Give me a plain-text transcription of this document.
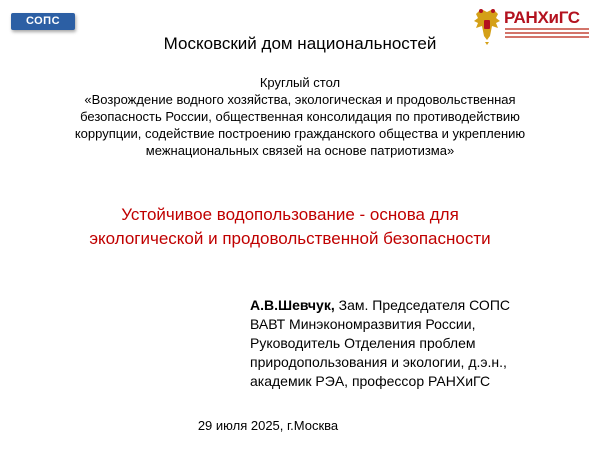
СОПС	РАНХиГС
Московский дом национальностей
Круглый стол
«Возрождение водного хозяйства, экологическая и продовольственная
безопасность России, общественная консолидация по противодействию
коррупции, содействие построению гражданского общества и укреплению
межнациональных связей на основе патриотизма»
Устойчивое водопользование - основа для
экологической и продовольственной безопасности
А.В.Шевчук, Зам. Председателя СОПС
ВАВТ Минэкономразвития России,
Руководитель Отделения проблем
природопользования и экологии, д.э.н.,
академик РЭА, профессор РАНХиГС
29 июля 2025, г.Москва
